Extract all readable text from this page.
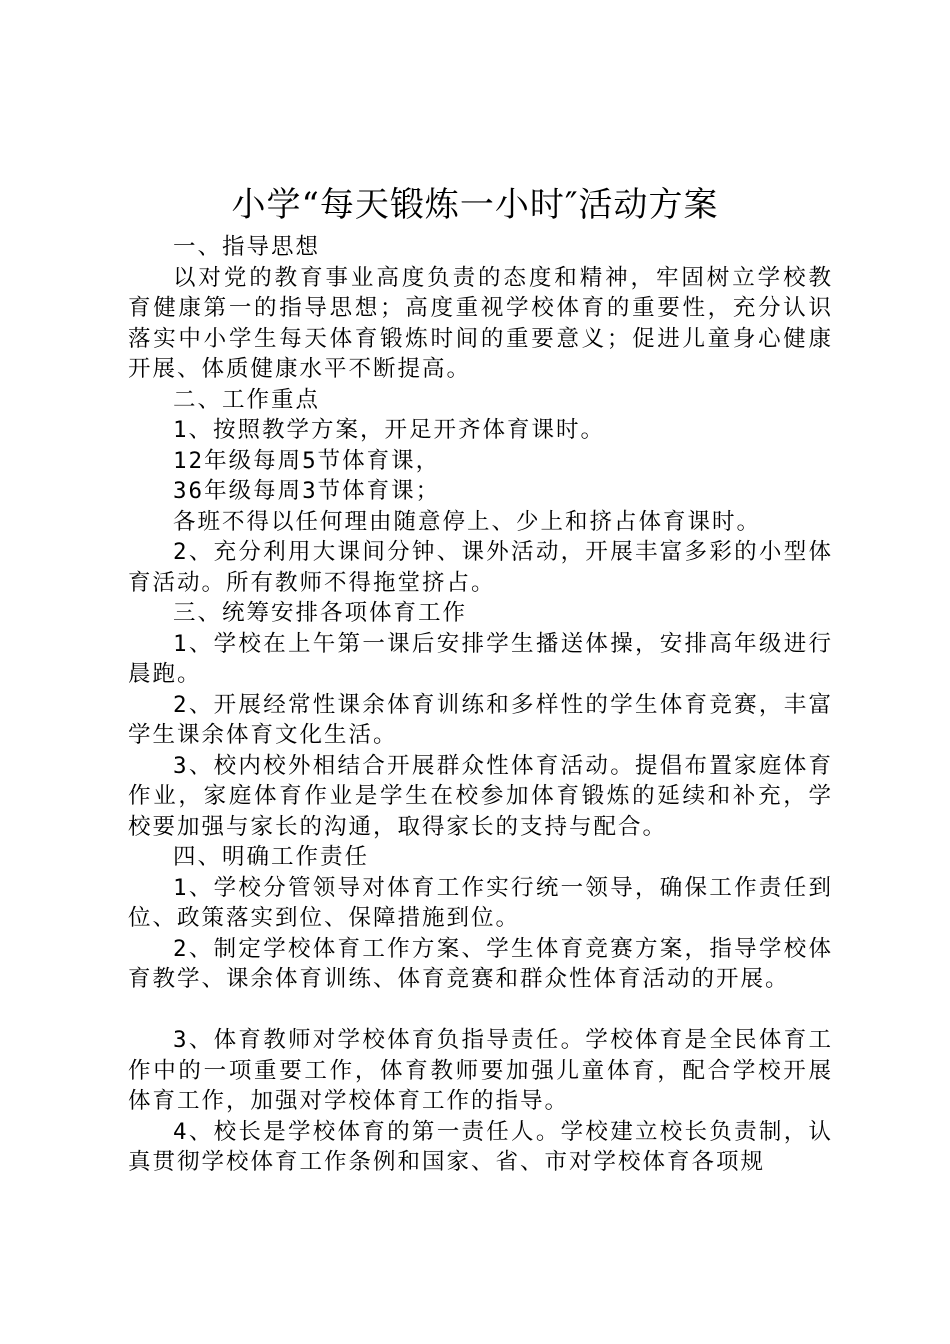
小学“每天锻炼一小时″活动方案

一、指导思想

以对党的教育事业高度负责的态度和精神，牢固树立学校教育健康第一的指导思想；高度重视学校体育的重要性，充分认识落实中小学生每天体育锻炼时间的重要意义；促进儿童身心健康开展、体质健康水平不断提高。

二、工作重点

1、按照教学方案，开足开齐体育课时。

12年级每周5节体育课，

36年级每周3节体育课；

各班不得以任何理由随意停上、少上和挤占体育课时。

2、充分利用大课间分钟、课外活动，开展丰富多彩的小型体育活动。所有教师不得拖堂挤占。

三、统筹安排各项体育工作

1、学校在上午第一课后安排学生播送体操，安排高年级进行晨跑。

2、开展经常性课余体育训练和多样性的学生体育竞赛，丰富学生课余体育文化生活。

3、校内校外相结合开展群众性体育活动。提倡布置家庭体育作业，家庭体育作业是学生在校参加体育锻炼的延续和补充，学校要加强与家长的沟通，取得家长的支持与配合。

四、明确工作责任

1、学校分管领导对体育工作实行统一领导，确保工作责任到位、政策落实到位、保障措施到位。

2、制定学校体育工作方案、学生体育竞赛方案，指导学校体育教学、课余体育训练、体育竞赛和群众性体育活动的开展。

3、体育教师对学校体育负指导责任。学校体育是全民体育工作中的一项重要工作，体育教师要加强儿童体育，配合学校开展体育工作，加强对学校体育工作的指导。

4、校长是学校体育的第一责任人。学校建立校长负责制，认真贯彻学校体育工作条例和国家、省、市对学校体育各项规
